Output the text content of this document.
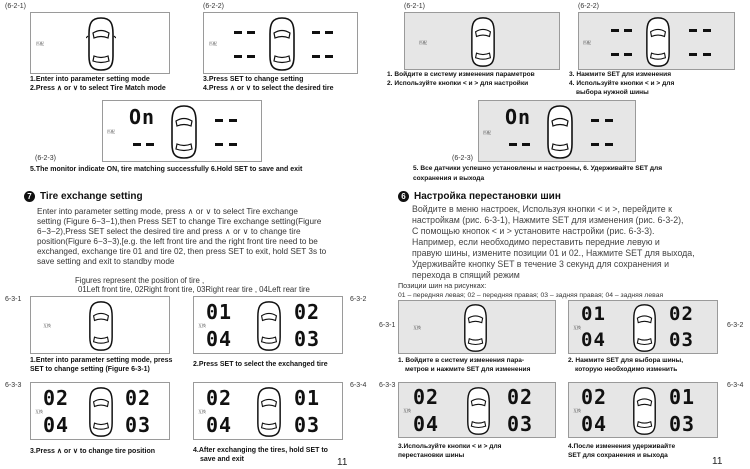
(6-2-1)
匹配
1.Enter into parameter setting mode
2.Press ∧ or ∨ to select Tire Match mode
(6-2-2)
匹配
3.Press SET to change setting
4.Press ∧ or ∨ to select the desired tire
匹配
On
(6-2-3)
5.The monitor indicate ON, tire matching successfully 6.Hold SET to save and exit
7 Tire exchange setting
Enter into parameter setting mode, press ∧ or ∨ to select Tire exchange
setting (Figure 6−3−1),then Press SET to change Tire exchange setting(Figure
6−3−2),Press SET select the desired tire and press ∧ or ∨ to change tire
position(Figure 6−3−3),[e.g. the left front tire and the right front tire need to be
exchanged, exchange tire 01 and tire 02, then press SET to exit, hold SET 3s to
save setting and exit to standby mode
Figures represent the position of tire ,
01Left front tire, 02Right front tire, 03Right rear tire , 04Left rear tire
6-3-1
互换
1.Enter into parameter setting mode, press
SET to change setting (Figure 6-3-1)
6-3-2
互换
01
04
02
03
2.Press SET to select the exchanged tire
6-3-3
互换
02
04
02
03
3.Press ∧ or ∨ to change tire position
6-3-4
互换
02
04
01
03
4.After exchanging the tires, hold SET to
save and exit	11
(6-2-1)
匹配
1. Войдите в систему изменения параметров
2. Используйте кнопки < и > для настройки
(6-2-2)
匹配
3. Нажмите SET для изменения
4. Используйте кнопки < и > для
выбора нужной шины
匹配
On
(6-2-3)
5. Все датчики успешно установлены и настроены, 6. Удерживайте SET для
сохранения и выхода
6 Настройка перестановки шин
Войдите в меню настроек, Используя кнопки < и >, перейдите к
настройкам (рис. 6-3-1), Нажмите SET для изменения (рис. 6-3-2),
С помощью кнопок < и > установите настройки (рис. 6-3-3).
Например, если необходимо переставить передние левую и
правую шины, измените позиции 01 и 02., Нажмите SET для выхода,
Удерживайте кнопку SET в течение 3 секунд для сохранения и
перехода в спящий режим
Позиции шин на рисунках:
01 – передняя левая; 02 – передняя правая; 03 – задняя правая; 04 – задняя левая
6-3-1	互换
1. Войдите в систему изменения пара-
метров и нажмите SET для изменения
6-3-2
互换
01
04
02
03
2. Нажмите SET для выбора шины,
которую необходимо изменить
6-3-3
互换
02
04
02
03
3.Используйте кнопки < и > для
перестановки шины
6-3-4
互换
02
04
01
03
4.После изменения удерживайте
SET для сохранения и выхода
11
